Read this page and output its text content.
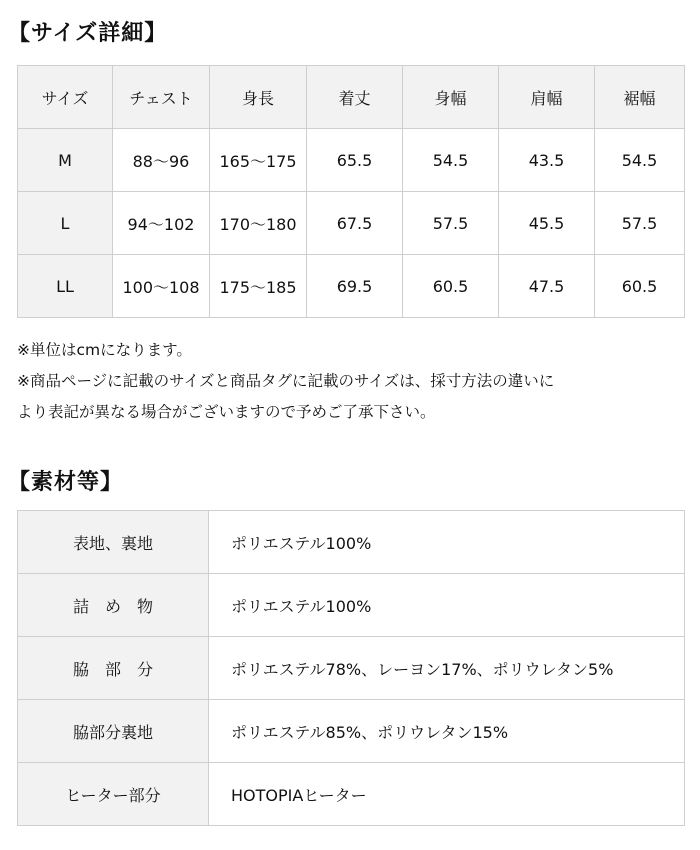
【サイズ詳細】
サイズ	チェスト	身長	着丈	身幅	肩幅	裾幅
M	88～96	165～175	65.5	54.5	43.5	54.5
L	94～102	170～180	67.5	57.5	45.5	57.5
LL	100～108	175～185	69.5	60.5	47.5	60.5

※単位はcmになります。

※商品ページに記載のサイズと商品タグに記載のサイズは、採寸方法の違いに

より表記が異なる場合がございますので予めご了承下さい。

【素材等】
表地、裏地	ポリエステル100%
詰　め　物	ポリエステル100%
脇　部　分	ポリエステル78%、レーヨン17%、ポリウレタン5%
脇部分裏地	ポリエステル85%、ポリウレタン15%
ヒーター部分	HOTOPIAヒーター
